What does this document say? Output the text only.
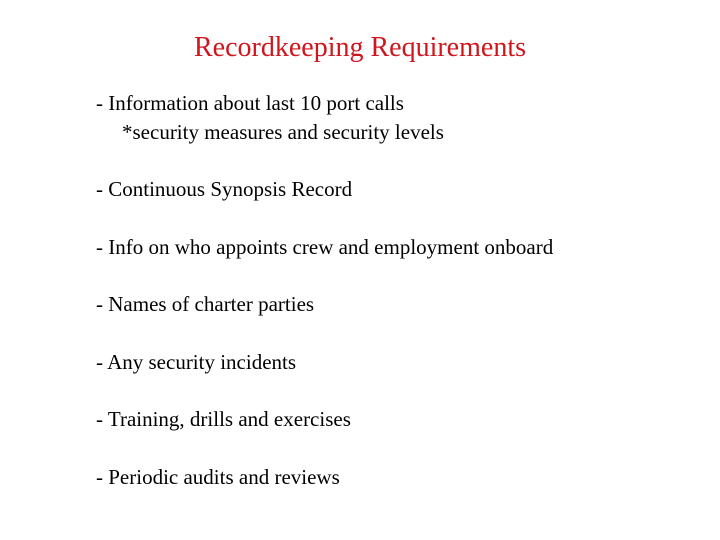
Recordkeeping Requirements

- Information about last 10 port calls

*security measures and security levels

- Continuous Synopsis Record

- Info on who appoints crew and employment onboard

- Names of charter parties

- Any security incidents

- Training, drills and exercises

- Periodic audits and reviews
